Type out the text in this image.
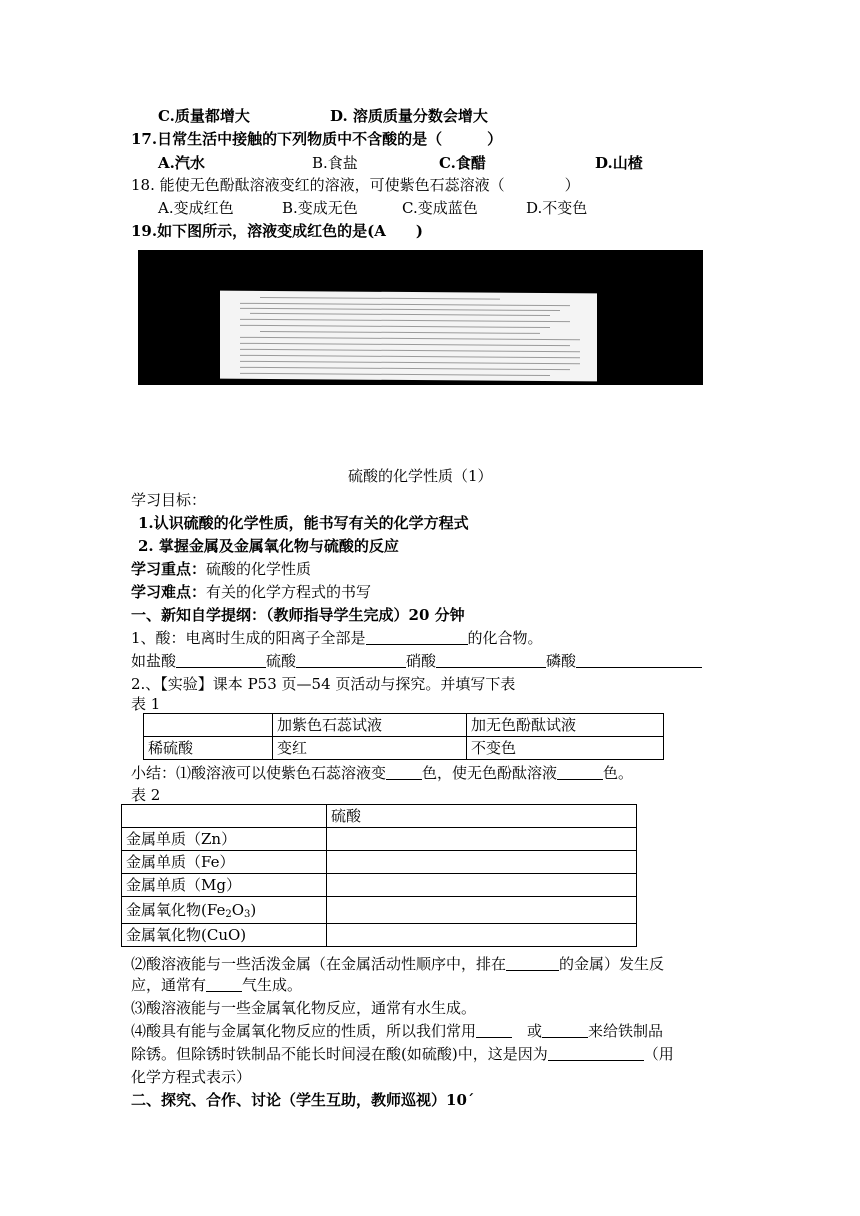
C.质量都增大	D. 溶质质量分数会增大
17.日常生活中接触的下列物质中不含酸的是（　　　）
A.汽水	B.食盐	C.食醋	D.山楂
18. 能使无色酚酞溶液变红的溶液，可使紫色石蕊溶液（　　　　）
A.变成红色	B.变成无色	C.变成蓝色	D.不变色
19.如下图所示，溶液变成红色的是(A　　)
硫酸的化学性质（1）
学习目标：
1.认识硫酸的化学性质，能书写有关的化学方程式
2. 掌握金属及金属氧化物与硫酸的反应
学习重点：硫酸的化学性质
学习难点：有关的化学方程式的书写
一、新知自学提纲：（教师指导学生完成）20 分钟
1、酸：电离时生成的阳离子全部是	的化合物。
如盐酸	硫酸	硝酸	磷酸
2.、【实验】课本 P53 页—54 页活动与探究。并填写下表
表 1
	加紫色石蕊试液	加无色酚酞试液
稀硫酸	变红	不变色
小结：⑴酸溶液可以使紫色石蕊溶液变 色，使无色酚酞溶液	色。
表 2
	硫酸
金属单质（Zn）	
金属单质（Fe）	
金属单质（Mg）	
金属氧化物$(Fe_2O_3)$	
金属氧化物(CuO)	
⑵酸溶液能与一些活泼金属（在金属活动性顺序中，排在	的金属）发生反
应，通常有 气生成。
⑶酸溶液能与一些金属氧化物反应，通常有水生成。
⑷酸具有能与金属氧化物反应的性质，所以我们常用 	或	来给铁制品
除锈。但除锈时铁制品不能长时间浸在酸(如硫酸)中，这是因为	（用
化学方程式表示）
二、探究、合作、讨论（学生互助，教师巡视）10´
